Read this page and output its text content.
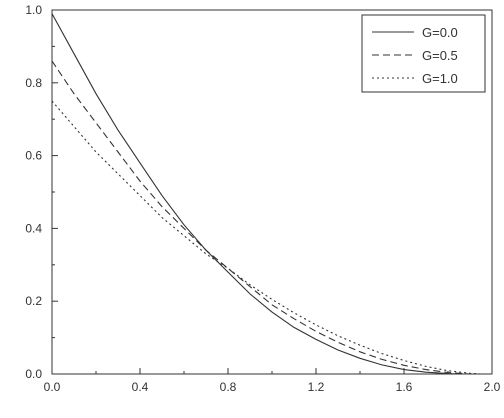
0.0	0.4	0.8	1.2	1.6	2.0
0.0
0.2
0.4
0.6
0.8
1.0
G=0.0
G=0.5
G=1.0
